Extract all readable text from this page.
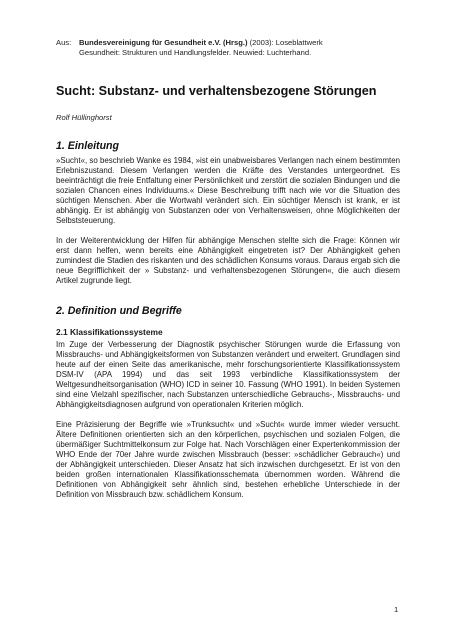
Aus:	Bundesvereinigung für Gesundheit e.V. (Hrsg.) (2003): Loseblattwerk
Gesundheit: Strukturen und Handlungsfelder. Neuwied: Luchterhand.
Sucht: Substanz- und verhaltensbezogene Störungen
Rolf Hüllinghorst
1. Einleitung

»Sucht«, so beschrieb Wanke es 1984, »ist ein unabweisbares Verlangen nach einem bestimmten Erlebniszustand. Diesem Verlangen werden die Kräfte des Verstandes untergeordnet. Es beeinträchtigt die freie Entfaltung einer Persönlichkeit und zerstört die sozialen Bindungen und die sozialen Chancen eines Individuums.« Diese Beschreibung trifft nach wie vor die Situation des süchtigen Menschen. Aber die Wortwahl verändert sich. Ein süchtiger Mensch ist krank, er ist abhängig. Er ist abhängig von Substanzen oder von Verhaltensweisen, ohne Möglichkeiten der Selbststeuerung.

In der Weiterentwicklung der Hilfen für abhängige Menschen stellte sich die Frage: Können wir erst dann helfen, wenn bereits eine Abhängigkeit eingetreten ist? Der Abhängigkeit gehen zumindest die Stadien des riskanten und des schädlichen Konsums voraus. Daraus ergab sich die neue Begrifflichkeit der » Substanz- und verhaltensbezogenen Störungen«, die auch diesem Artikel zugrunde liegt.

2. Definition und Begriffe
2.1 Klassifikationssysteme

Im Zuge der Verbesserung der Diagnostik psychischer Störungen wurde die Erfassung von Missbrauchs- und Abhängigkeitsformen von Substanzen verändert und erweitert. Grundlagen sind heute auf der einen Seite das amerikanische, mehr forschungsorientierte Klassifikationssystem DSM-IV (APA 1994) und das seit 1993 verbindliche Klassifikationssystem der Weltgesundheitsorganisation (WHO) ICD in seiner 10. Fassung (WHO 1991). In beiden Systemen sind eine Vielzahl spezifischer, nach Substanzen unterschiedliche Gebrauchs-, Missbrauchs- und Abhängigkeitsdiagnosen aufgrund von operationalen Kriterien möglich.

Eine Präzisierung der Begriffe wie »Trunksucht« und »Sucht« wurde immer wieder versucht. Ältere Definitionen orientierten sich an den körperlichen, psychischen und sozialen Folgen, die übermäßiger Suchtmittelkonsum zur Folge hat. Nach Vorschlägen einer Expertenkommission der WHO Ende der 70er Jahre wurde zwischen Missbrauch (besser: »schädlicher Gebrauch«) und der Abhängigkeit unterschieden. Dieser Ansatz hat sich inzwischen durchgesetzt. Er ist von den beiden großen internationalen Klassifikationsschemata übernommen worden. Während die Definitionen von Abhängigkeit sehr ähnlich sind, bestehen erhebliche Unterschiede in der Definition von Missbrauch bzw. schädlichem Konsum.

1
